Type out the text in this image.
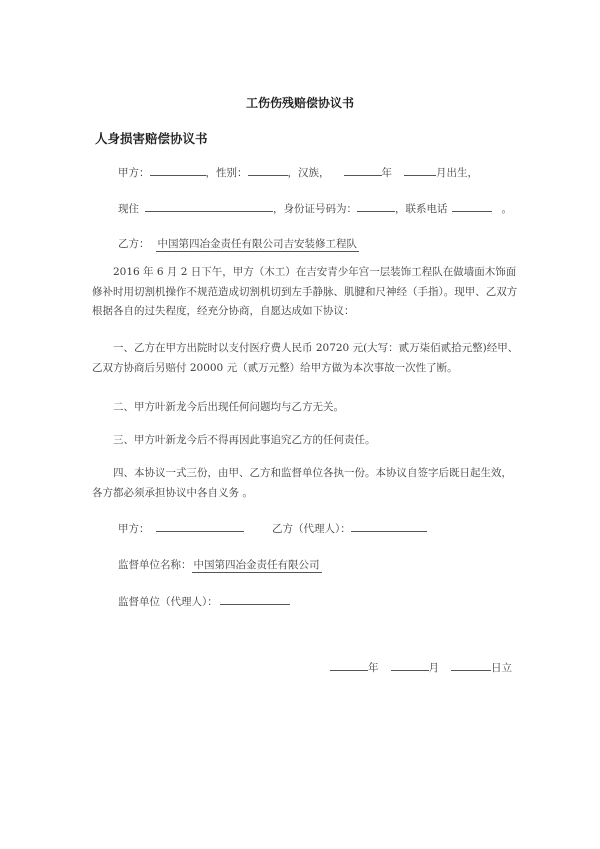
工伤伤残赔偿协议书
人身损害赔偿协议书
甲方：	，性别：	，汉族，	年	月出生，
现住	，身份证号码为：	，联系电话	。
乙方： 中国第四冶金责任有限公司吉安装修工程队
2016 年 6 月 2 日下午，甲方（木工）在吉安青少年宫一层装饰工程队在做墙面木饰面修补时用切割机操作不规范造成切割机切到左手静脉、肌腱和尺神经（手指）。现甲、乙双方根据各自的过失程度，经充分协商，自愿达成如下协议：
一、乙方在甲方出院时以支付医疗费人民币 20720 元(大写：贰万柒佰贰拾元整)经甲、乙双方协商后另赔付 20000 元（贰万元整）给甲方做为本次事故一次性了断。
二、甲方叶新龙今后出现任何问题均与乙方无关。
三、甲方叶新龙今后不得再因此事追究乙方的任何责任。
四、本协议一式三份，由甲、乙方和监督单位各执一份。本协议自签字后既日起生效，各方都必须承担协议中各自义务 。
甲方：	乙方（代理人）：
监督单位名称： 中国第四冶金责任有限公司
监督单位（代理人）：
年	月	日立
